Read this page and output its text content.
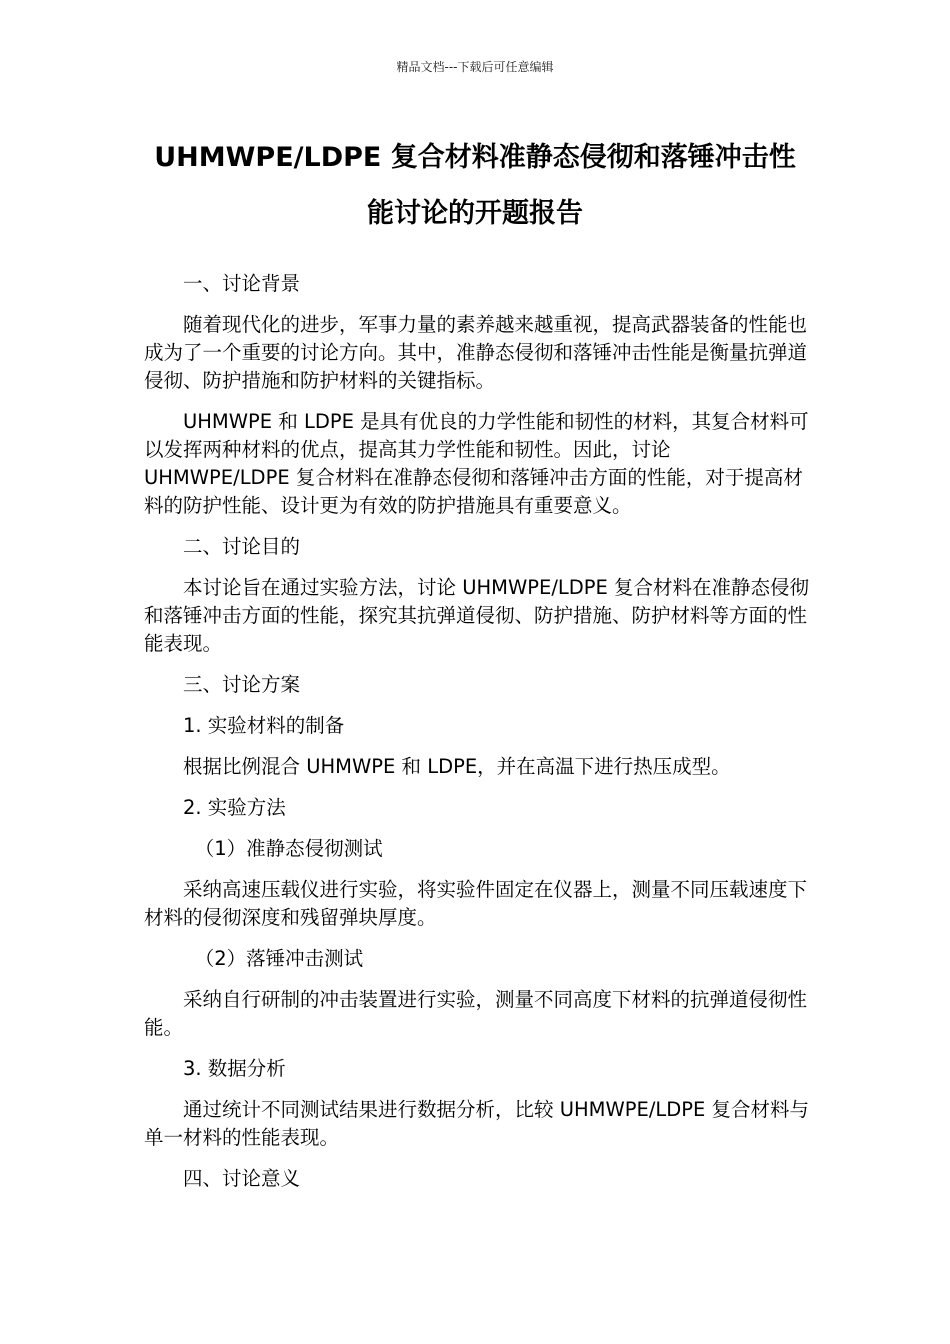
精品文档---下载后可任意编辑
UHMWPE/LDPE 复合材料准静态侵彻和落锤冲击性
能讨论的开题报告

一、讨论背景

随着现代化的进步，军事力量的素养越来越重视，提高武器装备的性能也成为了一个重要的讨论方向。其中，准静态侵彻和落锤冲击性能是衡量抗弹道侵彻、防护措施和防护材料的关键指标。

UHMWPE 和 LDPE 是具有优良的力学性能和韧性的材料，其复合材料可以发挥两种材料的优点，提高其力学性能和韧性。因此，讨论 UHMWPE/LDPE 复合材料在准静态侵彻和落锤冲击方面的性能，对于提高材料的防护性能、设计更为有效的防护措施具有重要意义。

二、讨论目的

本讨论旨在通过实验方法，讨论 UHMWPE/LDPE 复合材料在准静态侵彻和落锤冲击方面的性能，探究其抗弹道侵彻、防护措施、防护材料等方面的性能表现。

三、讨论方案

1. 实验材料的制备

根据比例混合 UHMWPE 和 LDPE，并在高温下进行热压成型。

2. 实验方法

（1）准静态侵彻测试

采纳高速压载仪进行实验，将实验件固定在仪器上，测量不同压载速度下材料的侵彻深度和残留弹块厚度。

（2）落锤冲击测试

采纳自行研制的冲击装置进行实验，测量不同高度下材料的抗弹道侵彻性能。

3. 数据分析

通过统计不同测试结果进行数据分析，比较 UHMWPE/LDPE 复合材料与单一材料的性能表现。

四、讨论意义
